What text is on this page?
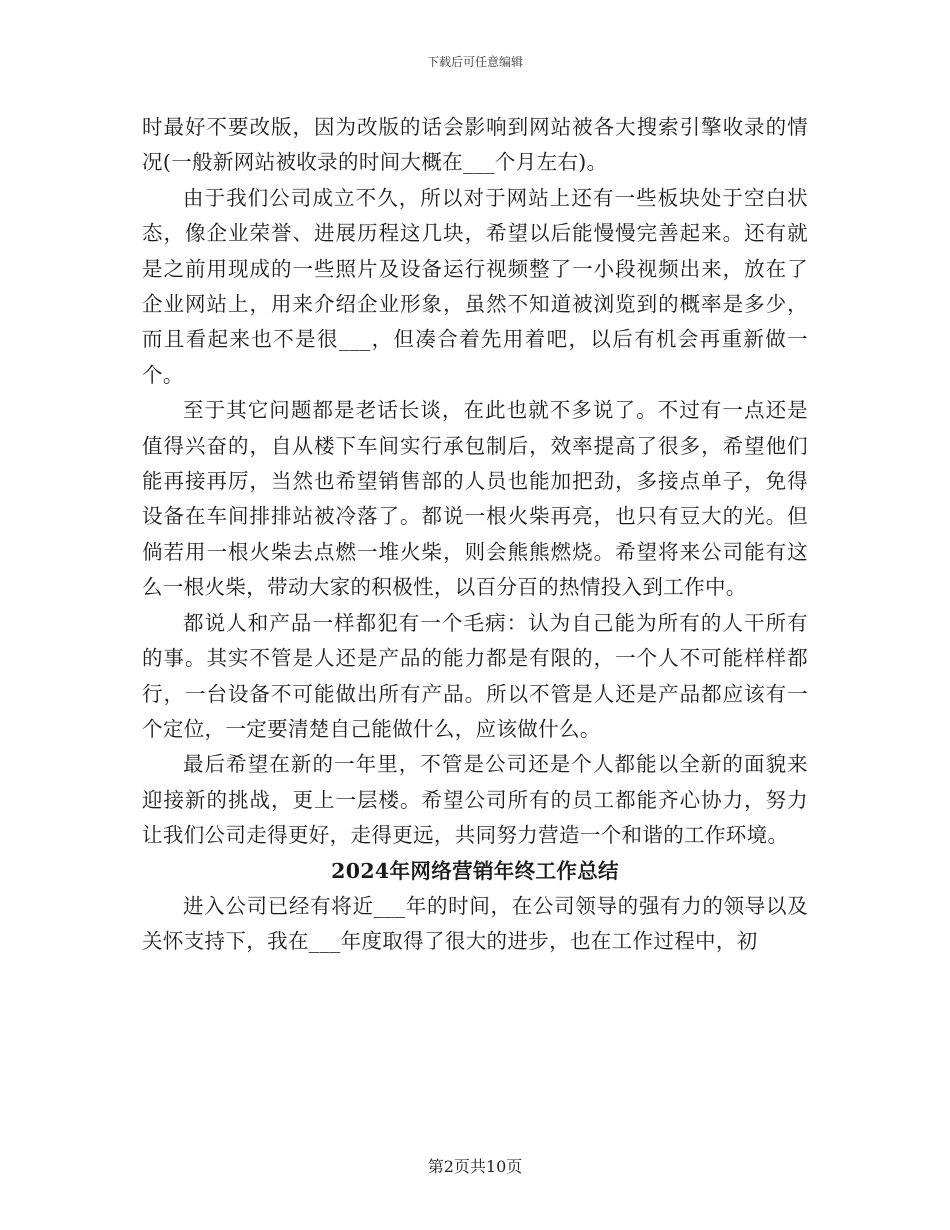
下载后可任意编辑

时最好不要改版，因为改版的话会影响到网站被各大搜索引擎收录的情况(一般新网站被收录的时间大概在___个月左右)。

由于我们公司成立不久，所以对于网站上还有一些板块处于空白状态，像企业荣誉、进展历程这几块，希望以后能慢慢完善起来。还有就是之前用现成的一些照片及设备运行视频整了一小段视频出来，放在了企业网站上，用来介绍企业形象，虽然不知道被浏览到的概率是多少，而且看起来也不是很___，但凑合着先用着吧，以后有机会再重新做一个。

至于其它问题都是老话长谈，在此也就不多说了。不过有一点还是值得兴奋的，自从楼下车间实行承包制后，效率提高了很多，希望他们能再接再厉，当然也希望销售部的人员也能加把劲，多接点单子，免得设备在车间排排站被冷落了。都说一根火柴再亮，也只有豆大的光。但倘若用一根火柴去点燃一堆火柴，则会熊熊燃烧。希望将来公司能有这么一根火柴，带动大家的积极性，以百分百的热情投入到工作中。

都说人和产品一样都犯有一个毛病：认为自己能为所有的人干所有的事。其实不管是人还是产品的能力都是有限的，一个人不可能样样都行，一台设备不可能做出所有产品。所以不管是人还是产品都应该有一个定位，一定要清楚自己能做什么，应该做什么。

最后希望在新的一年里，不管是公司还是个人都能以全新的面貌来迎接新的挑战，更上一层楼。希望公司所有的员工都能齐心协力，努力让我们公司走得更好，走得更远，共同努力营造一个和谐的工作环境。

2024年网络营销年终工作总结

进入公司已经有将近___年的时间，在公司领导的强有力的领导以及关怀支持下，我在___年度取得了很大的进步，也在工作过程中，初

第2页共10页
